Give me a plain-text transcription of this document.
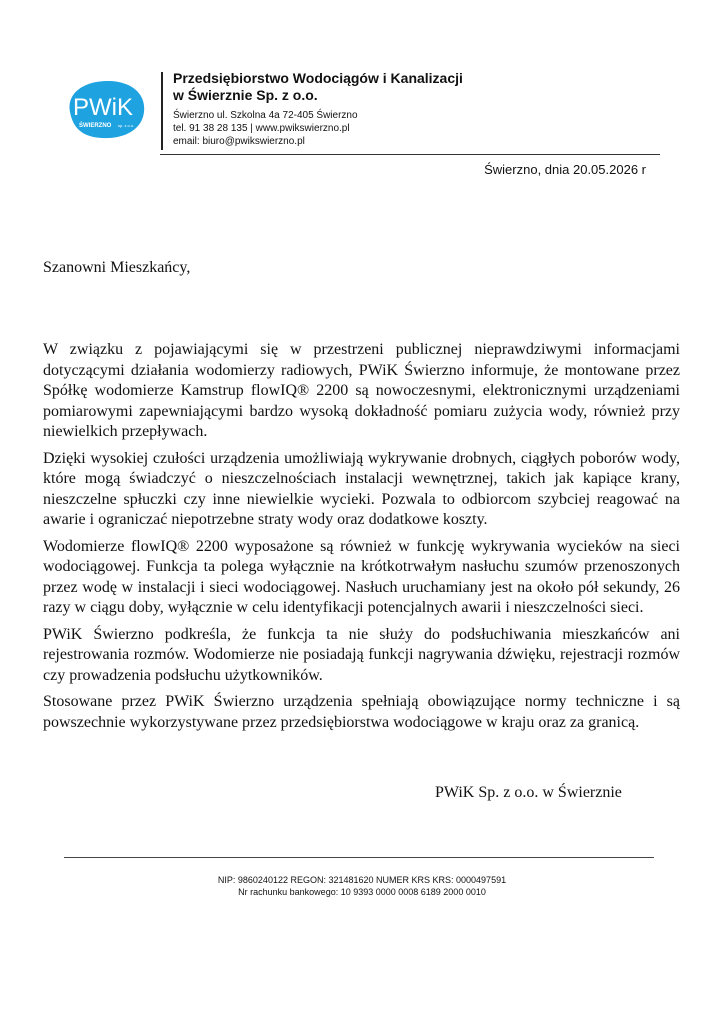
PWiK
ŚWIERZNO sp. z o.o.
Przedsiębiorstwo Wodociągów i Kanalizacji
w Świerznie Sp. z o.o.
Świerzno ul. Szkolna 4a 72-405 Świerzno
tel. 91 38 28 135 | www.pwikswierzno.pl
email: biuro@pwikswierzno.pl
Świerzno, dnia 20.05.2026 r
Szanowni Mieszkańcy,

W związku z pojawiającymi się w przestrzeni publicznej nieprawdziwymi informacjami dotyczącymi działania wodomierzy radiowych, PWiK Świerzno informuje, że montowane przez Spółkę wodomierze Kamstrup flowIQ® 2200 są nowoczesnymi, elektronicznymi urządzeniami pomiarowymi zapewniającymi bardzo wysoką dokładność pomiaru zużycia wody, również przy niewielkich przepływach.

Dzięki wysokiej czułości urządzenia umożliwiają wykrywanie drobnych, ciągłych poborów wody, które mogą świadczyć o nieszczelnościach instalacji wewnętrznej, takich jak kapiące krany, nieszczelne spłuczki czy inne niewielkie wycieki. Pozwala to odbiorcom szybciej reagować na awarie i ograniczać niepotrzebne straty wody oraz dodatkowe koszty.

Wodomierze flowIQ® 2200 wyposażone są również w funkcję wykrywania wycieków na sieci wodociągowej. Funkcja ta polega wyłącznie na krótkotrwałym nasłuchu szumów przenoszonych przez wodę w instalacji i sieci wodociągowej. Nasłuch uruchamiany jest na około pół sekundy, 26 razy w ciągu doby, wyłącznie w celu identyfikacji potencjalnych awarii i nieszczelności sieci.

PWiK Świerzno podkreśla, że funkcja ta nie służy do podsłuchiwania mieszkańców ani rejestrowania rozmów. Wodomierze nie posiadają funkcji nagrywania dźwięku, rejestracji rozmów czy prowadzenia podsłuchu użytkowników.

Stosowane przez PWiK Świerzno urządzenia spełniają obowiązujące normy techniczne i są powszechnie wykorzystywane przez przedsiębiorstwa wodociągowe w kraju oraz za granicą.

PWiK Sp. z o.o. w Świerznie
NIP: 9860240122 REGON: 321481620 NUMER KRS KRS: 0000497591
Nr rachunku bankowego: 10 9393 0000 0008 6189 2000 0010
